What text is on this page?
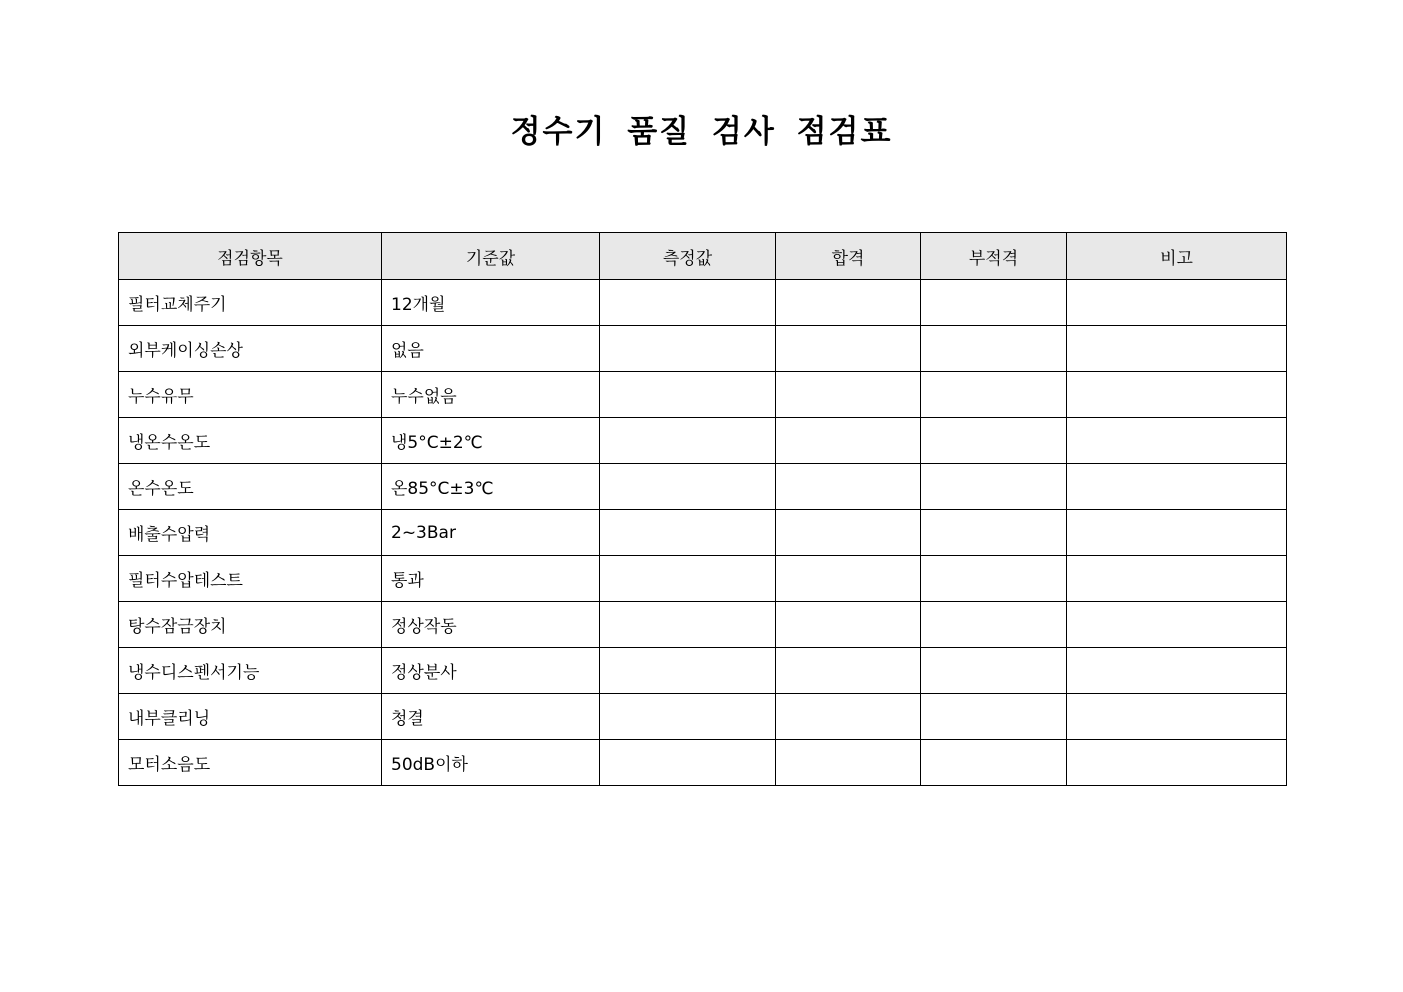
정수기 품질 검사 점검표
점검항목	기준값	측정값	합격	부적격	비고
필터교체주기	12개월				
외부케이싱손상	없음				
누수유무	누수없음				
냉온수온도	냉5°C±2℃				
온수온도	온85°C±3℃				
배출수압력	2~3Bar				
필터수압테스트	통과				
탕수잠금장치	정상작동				
냉수디스펜서기능	정상분사				
내부클리닝	청결				
모터소음도	50dB이하				
